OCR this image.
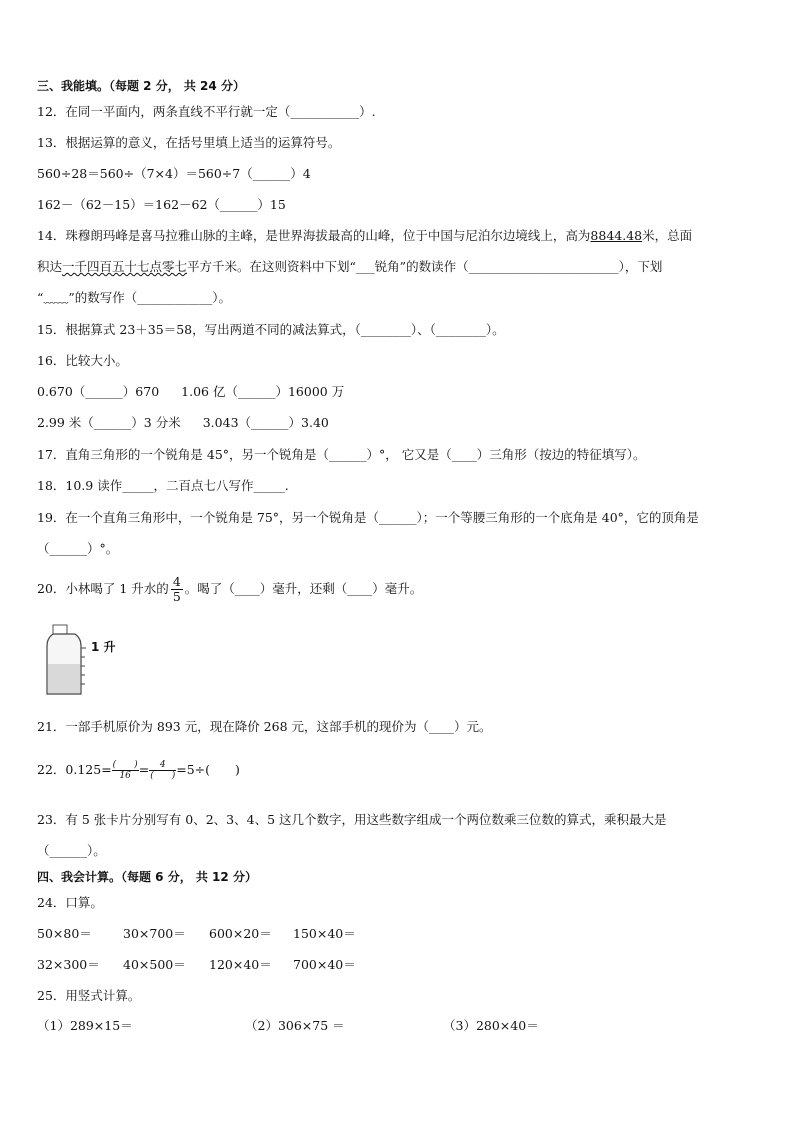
三、我能填。（每题 2 分， 共 24 分）
12．在同一平面内，两条直线不平行就一定（___________）.
13．根据运算的意义，在括号里填上适当的运算符号。
560÷28＝560÷（7×4）＝560÷7（______）4
162－（62－15）＝162－62（______）15
14．珠穆朗玛峰是喜马拉雅山脉的主峰，是世界海拔最高的山峰，位于中国与尼泊尔边境线上，高为8844.48米，总面
积达一千四百五十七点零七平方千米。在这则资料中下划“___锐角”的数读作（________________________），下划
“﹏﹏”的数写作（____________）。
15．根据算式 23＋35＝58，写出两道不同的减法算式，（________）、（________）。
16．比较大小。
0.670（______）670 1.06 亿（______）16000 万
2.99 米（______）3 分米 3.043（______）3.40
17．直角三角形的一个锐角是 45°，另一个锐角是（______）°， 它又是（____）三角形（按边的特征填写）。
18．10.9 读作_____，二百点七八写作_____.
19．在一个直角三角形中，一个锐角是 75°，另一个锐角是（______）；一个等腰三角形的一个底角是 40°，它的顶角是
（______）°。
20．小林喝了 1 升水的 $\frac{4}{5}$ 。喝了（____）毫升，还剩（____）毫升。
1 升
21．一部手机原价为 893 元，现在降价 268 元，这部手机的现价为（____）元。
22．$0.125= \frac{( )}{16} = \frac{4}{( )} =5\div$(　　)
23．有 5 张卡片分别写有 0、2、3、4、5 这几个数字，用这些数字组成一个两位数乘三位数的算式，乘积最大是
（______）。
四、我会计算。（每题 6 分， 共 12 分）
24．口算。
50×80＝ 30×700＝ 600×20＝ 150×40＝
32×300＝ 40×500＝ 120×40＝ 700×40＝
25．用竖式计算。
（1）289×15＝	（2）306×75 ＝	（3）280×40＝
